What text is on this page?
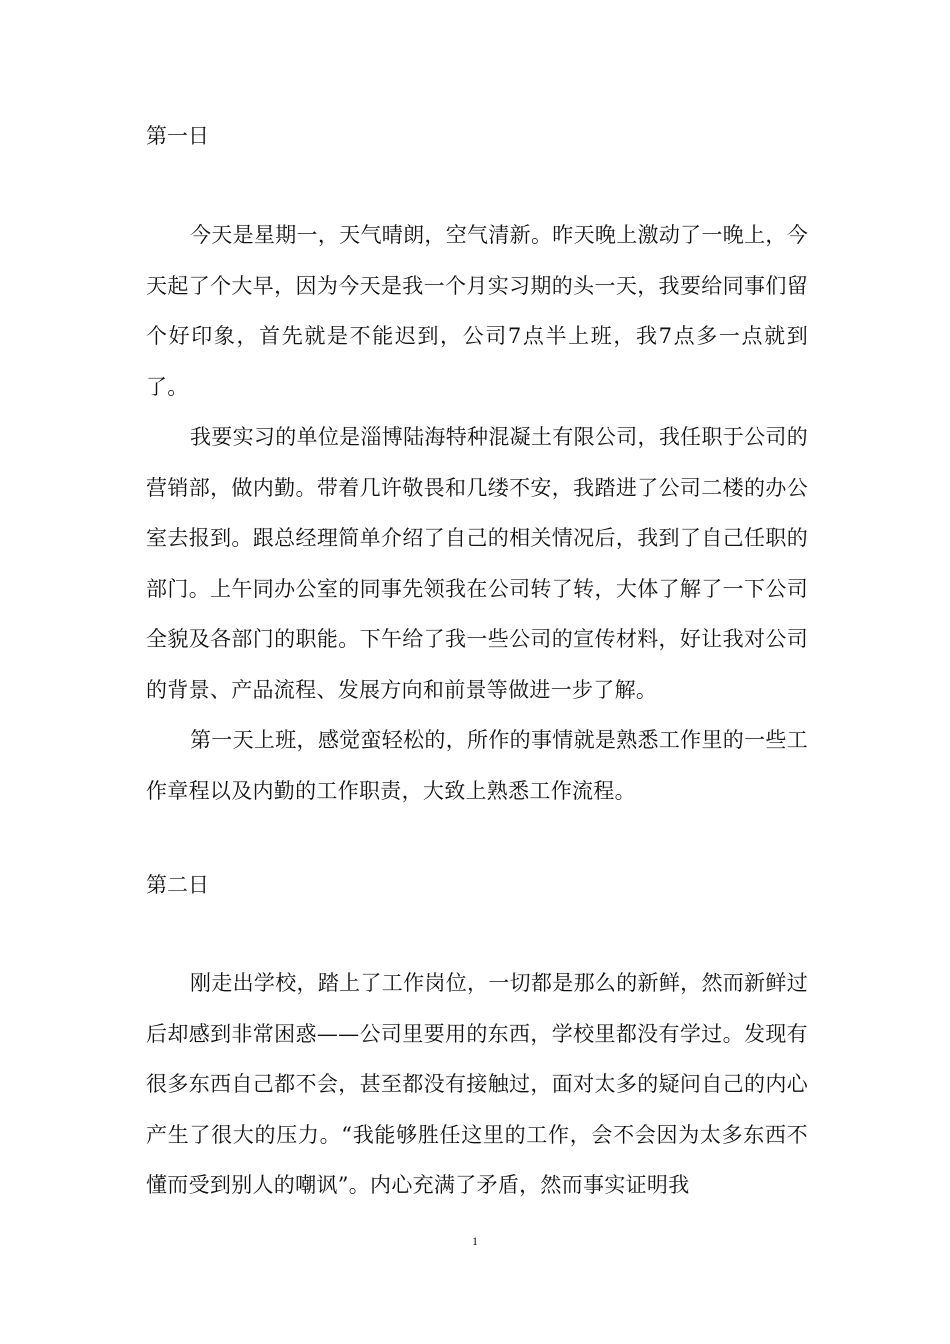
第一日

今天是星期一，天气晴朗，空气清新。昨天晚上激动了一晚上，今天起了个大早，因为今天是我一个月实习期的头一天，我要给同事们留个好印象，首先就是不能迟到，公司7点半上班，我7点多一点就到了。

我要实习的单位是淄博陆海特种混凝土有限公司，我任职于公司的营销部，做内勤。带着几许敬畏和几缕不安，我踏进了公司二楼的办公室去报到。跟总经理简单介绍了自己的相关情况后，我到了自己任职的部门。上午同办公室的同事先领我在公司转了转，大体了解了一下公司全貌及各部门的职能。下午给了我一些公司的宣传材料，好让我对公司的背景、产品流程、发展方向和前景等做进一步了解。

第一天上班，感觉蛮轻松的，所作的事情就是熟悉工作里的一些工作章程以及内勤的工作职责，大致上熟悉工作流程。

第二日

刚走出学校，踏上了工作岗位，一切都是那么的新鲜，然而新鲜过后却感到非常困惑——公司里要用的东西，学校里都没有学过。发现有很多东西自己都不会，甚至都没有接触过，面对太多的疑问自己的内心产生了很大的压力。“我能够胜任这里的工作，会不会因为太多东西不懂而受到别人的嘲讽”。内心充满了矛盾，然而事实证明我

1
